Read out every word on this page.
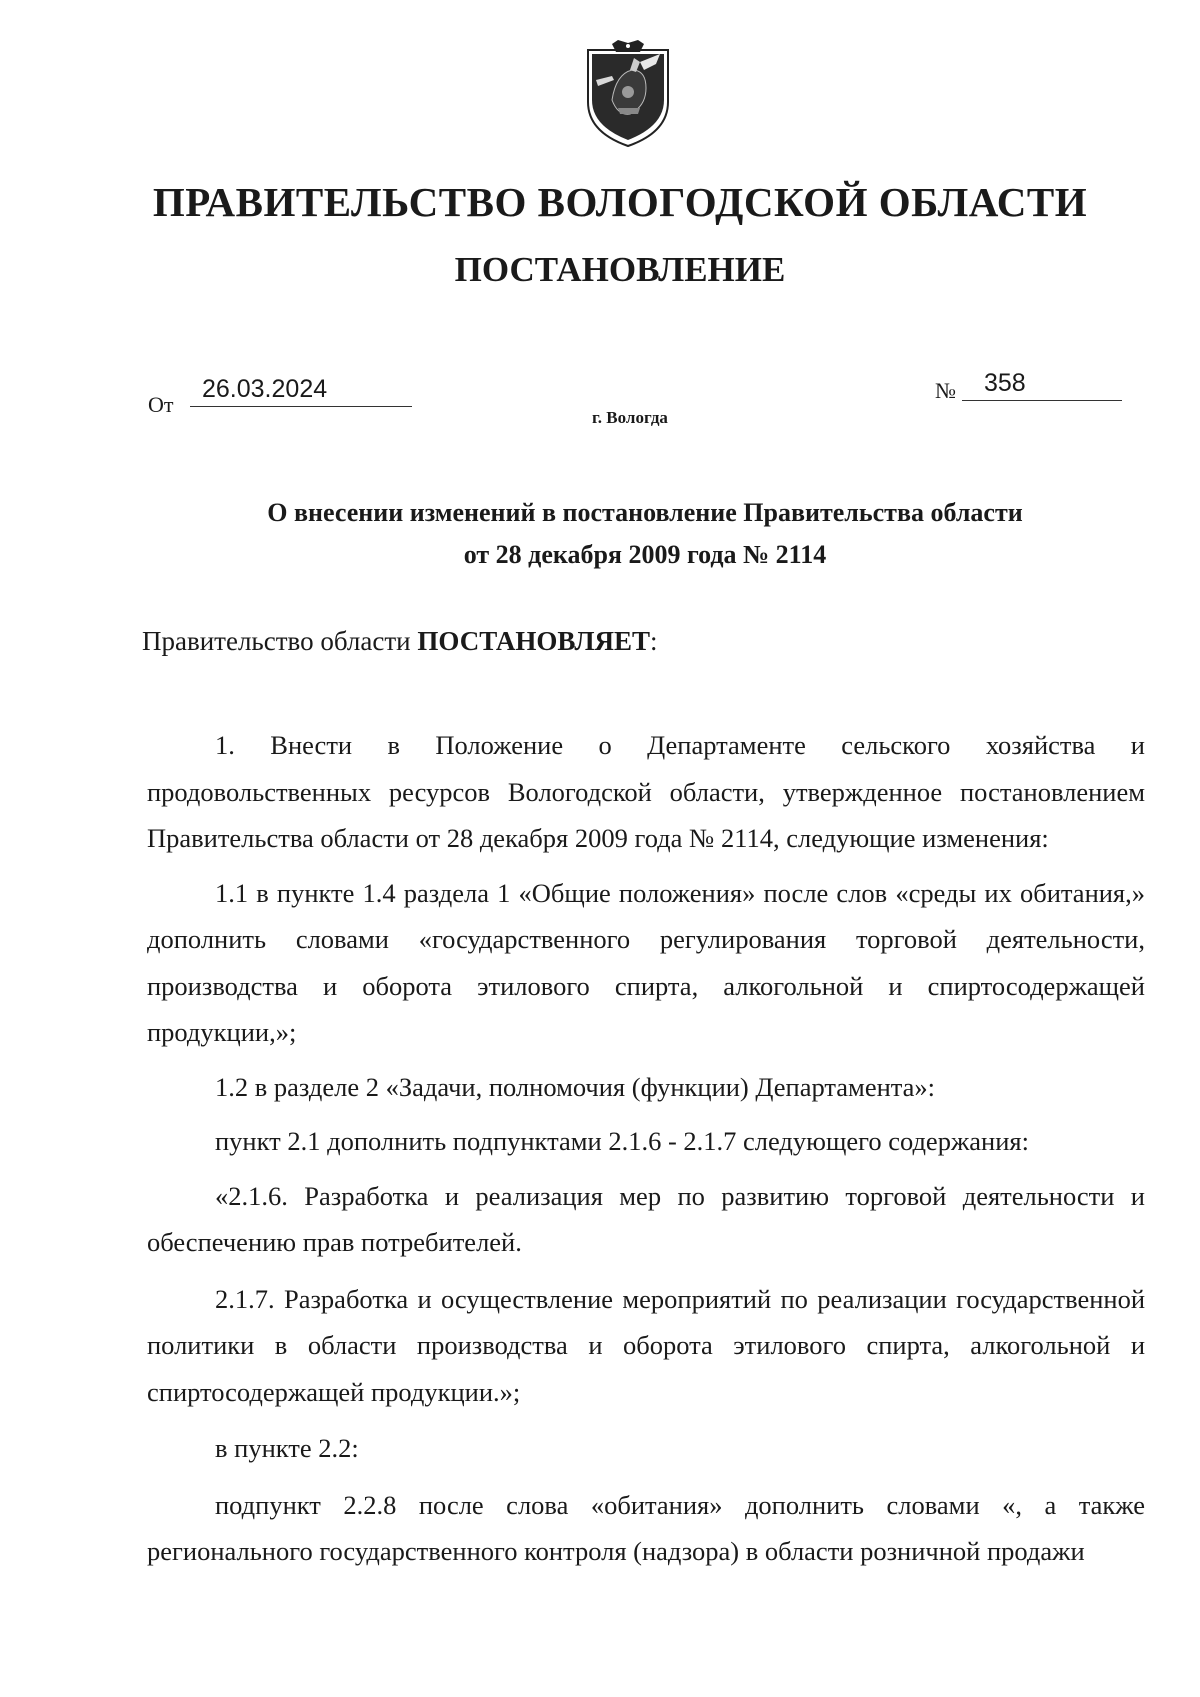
ПРАВИТЕЛЬСТВО ВОЛОГОДСКОЙ ОБЛАСТИ
ПОСТАНОВЛЕНИЕ
От
26.03.2024	№	358
г. Вологда
О внесении изменений в постановление Правительства области
от 28 декабря 2009 года № 2114
Правительство области ПОСТАНОВЛЯЕТ:

1. Внести в Положение о Департаменте сельского хозяйства и продовольственных ресурсов Вологодской области, утвержденное постановлением Правительства области от 28 декабря 2009 года № 2114, следующие изменения:

1.1 в пункте 1.4 раздела 1 «Общие положения» после слов «среды их обитания,» дополнить словами «государственного регулирования торговой деятельности, производства и оборота этилового спирта, алкогольной и спиртосодержащей продукции,»;

1.2 в разделе 2 «Задачи, полномочия (функции) Департамента»:

пункт 2.1 дополнить подпунктами 2.1.6 - 2.1.7 следующего содержания:

«2.1.6. Разработка и реализация мер по развитию торговой деятельности и обеспечению прав потребителей.

2.1.7. Разработка и осуществление мероприятий по реализации государственной политики в области производства и оборота этилового спирта, алкогольной и спиртосодержащей продукции.»;

в пункте 2.2:

подпункт 2.2.8 после слова «обитания» дополнить словами «, а также регионального государственного контроля (надзора) в области розничной продажи
